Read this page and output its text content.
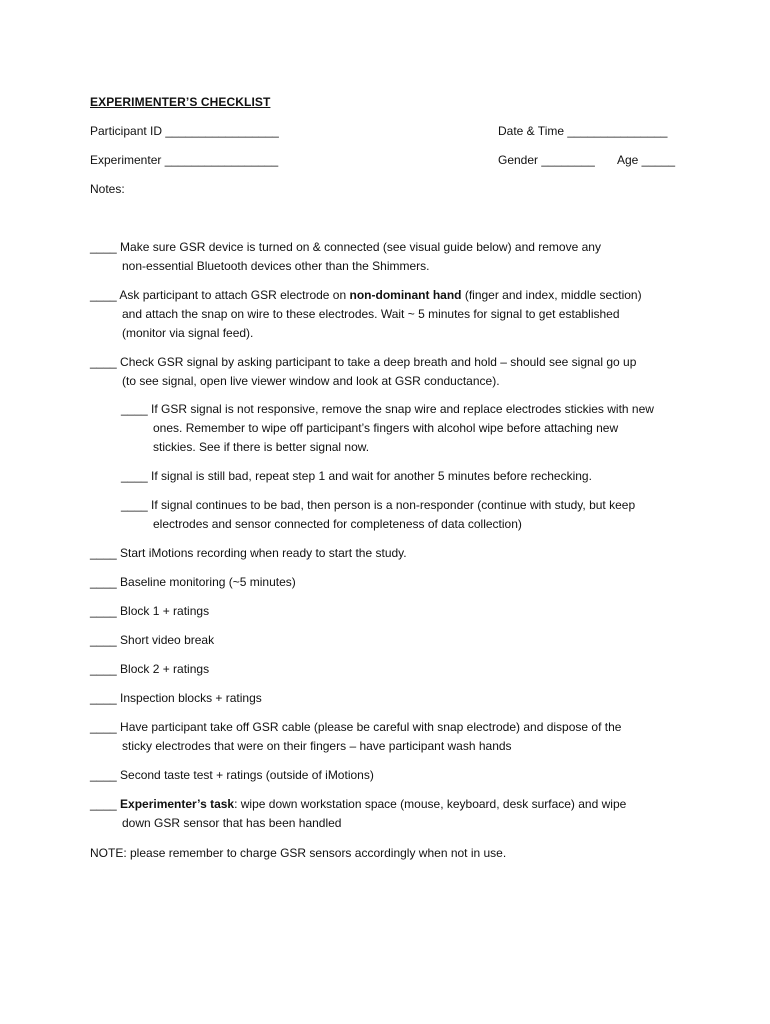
EXPERIMENTER’S CHECKLIST
Participant ID _________________	Date & Time _______________
Experimenter _________________	Gender ________ Age _____
Notes:
____ Make sure GSR device is turned on & connected (see visual guide below) and remove any
non-essential Bluetooth devices other than the Shimmers.
____ Ask participant to attach GSR electrode on non-dominant hand (finger and index, middle section)
and attach the snap on wire to these electrodes. Wait ~ 5 minutes for signal to get established
(monitor via signal feed).
____ Check GSR signal by asking participant to take a deep breath and hold – should see signal go up
(to see signal, open live viewer window and look at GSR conductance).
____ If GSR signal is not responsive, remove the snap wire and replace electrodes stickies with new
ones. Remember to wipe off participant’s fingers with alcohol wipe before attaching new
stickies. See if there is better signal now.
____ If signal is still bad, repeat step 1 and wait for another 5 minutes before rechecking.
____ If signal continues to be bad, then person is a non-responder (continue with study, but keep
electrodes and sensor connected for completeness of data collection)
____ Start iMotions recording when ready to start the study.
____ Baseline monitoring (~5 minutes)
____ Block 1 + ratings
____ Short video break
____ Block 2 + ratings
____ Inspection blocks + ratings
____ Have participant take off GSR cable (please be careful with snap electrode) and dispose of the
sticky electrodes that were on their fingers – have participant wash hands
____ Second taste test + ratings (outside of iMotions)
____ Experimenter’s task: wipe down workstation space (mouse, keyboard, desk surface) and wipe
down GSR sensor that has been handled
NOTE: please remember to charge GSR sensors accordingly when not in use.
